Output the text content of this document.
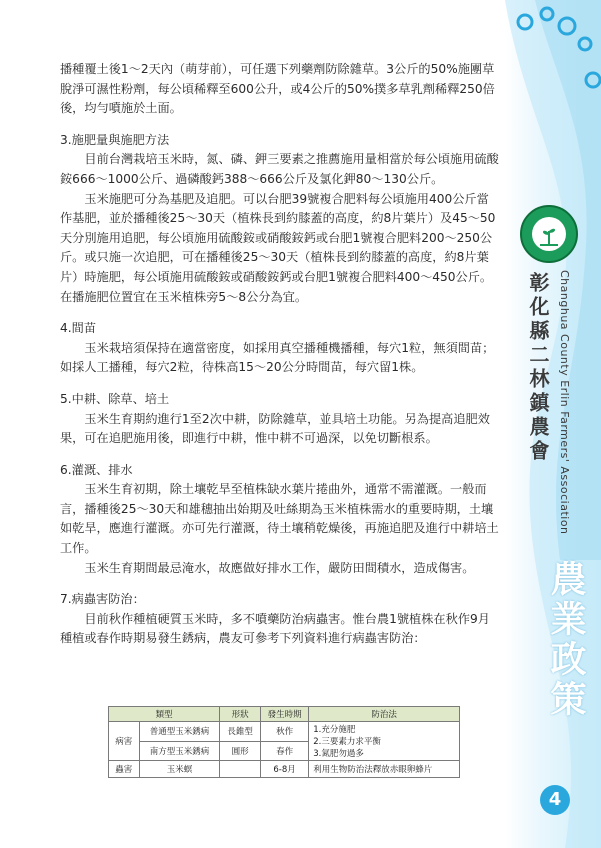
彰化縣二林鎮農會 Changhua County Erlin Farmers' Association
農業政策
4

播種覆土後1～2天內（萌芽前），可任選下列藥劑防除雜草。3公斤的50%施團草脫淨可濕性粉劑，每公頃稀釋至600公升，或4公斤的50%撲多草乳劑稀釋250倍後，均勻噴施於土面。

3.施肥量與施肥方法

目前台灣栽培玉米時，氮、磷、鉀三要素之推薦施用量相當於每公頃施用硫酸銨666～1000公斤、過磷酸鈣388～666公斤及氯化鉀80～130公斤。

玉米施肥可分為基肥及追肥。可以台肥39號複合肥料每公頃施用400公斤當作基肥，並於播種後25～30天（植株長到約膝蓋的高度，約8片葉片）及45～50天分別施用追肥，每公頃施用硫酸銨或硝酸銨鈣或台肥1號複合肥料200～250公斤。或只施一次追肥，可在播種後25～30天（植株長到約膝蓋的高度，約8片葉片）時施肥，每公頃施用硫酸銨或硝酸銨鈣或台肥1號複合肥料400～450公斤。在播施肥位置宜在玉米植株旁5～8公分為宜。

4.間苗

玉米栽培須保持在適當密度，如採用真空播種機播種，每穴1粒，無須間苗；如採人工播種，每穴2粒，待株高15～20公分時間苗，每穴留1株。

5.中耕、除草、培土

玉米生育期約進行1至2次中耕，防除雜草，並具培土功能。另為提高追肥效果，可在追肥施用後，即進行中耕，惟中耕不可過深，以免切斷根系。

6.灌溉、排水

玉米生育初期，除土壤乾旱至植株缺水葉片捲曲外，通常不需灌溉。一般而言，播種後25～30天和雄穗抽出始期及吐絲期為玉米植株需水的重要時期，土壤如乾旱，應進行灌溉。亦可先行灌溉，待土壤稍乾燥後，再施追肥及進行中耕培土工作。

玉米生育期間最忌淹水，故應做好排水工作，嚴防田間積水，造成傷害。

7.病蟲害防治：

目前秋作種植硬質玉米時，多不噴藥防治病蟲害。惟台農1號植株在秋作9月種植或春作時期易發生銹病，農友可參考下列資料進行病蟲害防治：

類型		形狀	發生時期	防治法
病害	普通型玉米銹病	長錐型	秋作	1.充分施肥
2.三要素力求平衡
3.氮肥勿過多

	南方型玉米銹病	圓形	春作	
蟲害	玉米螟		6-8月	利用生物防治法釋放赤眼卵蜂片
